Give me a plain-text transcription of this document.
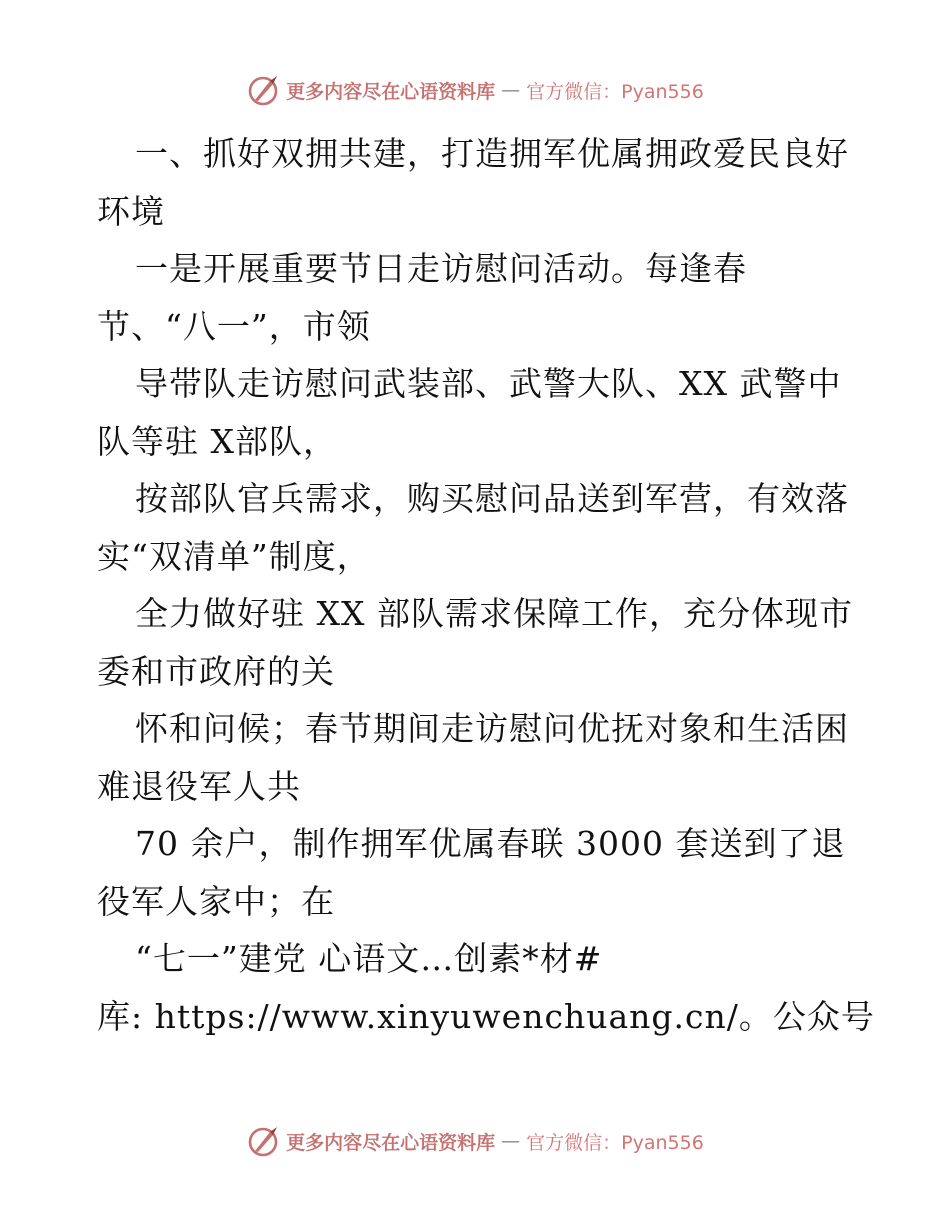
更多内容尽在心语资料库 — 官方微信：Pyan556
一、抓好双拥共建，打造拥军优属拥政爱民良好
环境
一是开展重要节日走访慰问活动。每逢春
节、“八一”，市领
导带队走访慰问武装部、武警大队、XX 武警中
队等驻 X部队，
按部队官兵需求，购买慰问品送到军营，有效落
实“双清单”制度，
全力做好驻 XX 部队需求保障工作，充分体现市
委和市政府的关
怀和问候；春节期间走访慰问优抚对象和生活困
难退役军人共
70 余户，制作拥军优属春联 3000 套送到了退
役军人家中；在
“七一”建党 心语文…创素*材#
库: https://www.xinyuwenchuang.cn/。公众号
更多内容尽在心语资料库 — 官方微信：Pyan556
